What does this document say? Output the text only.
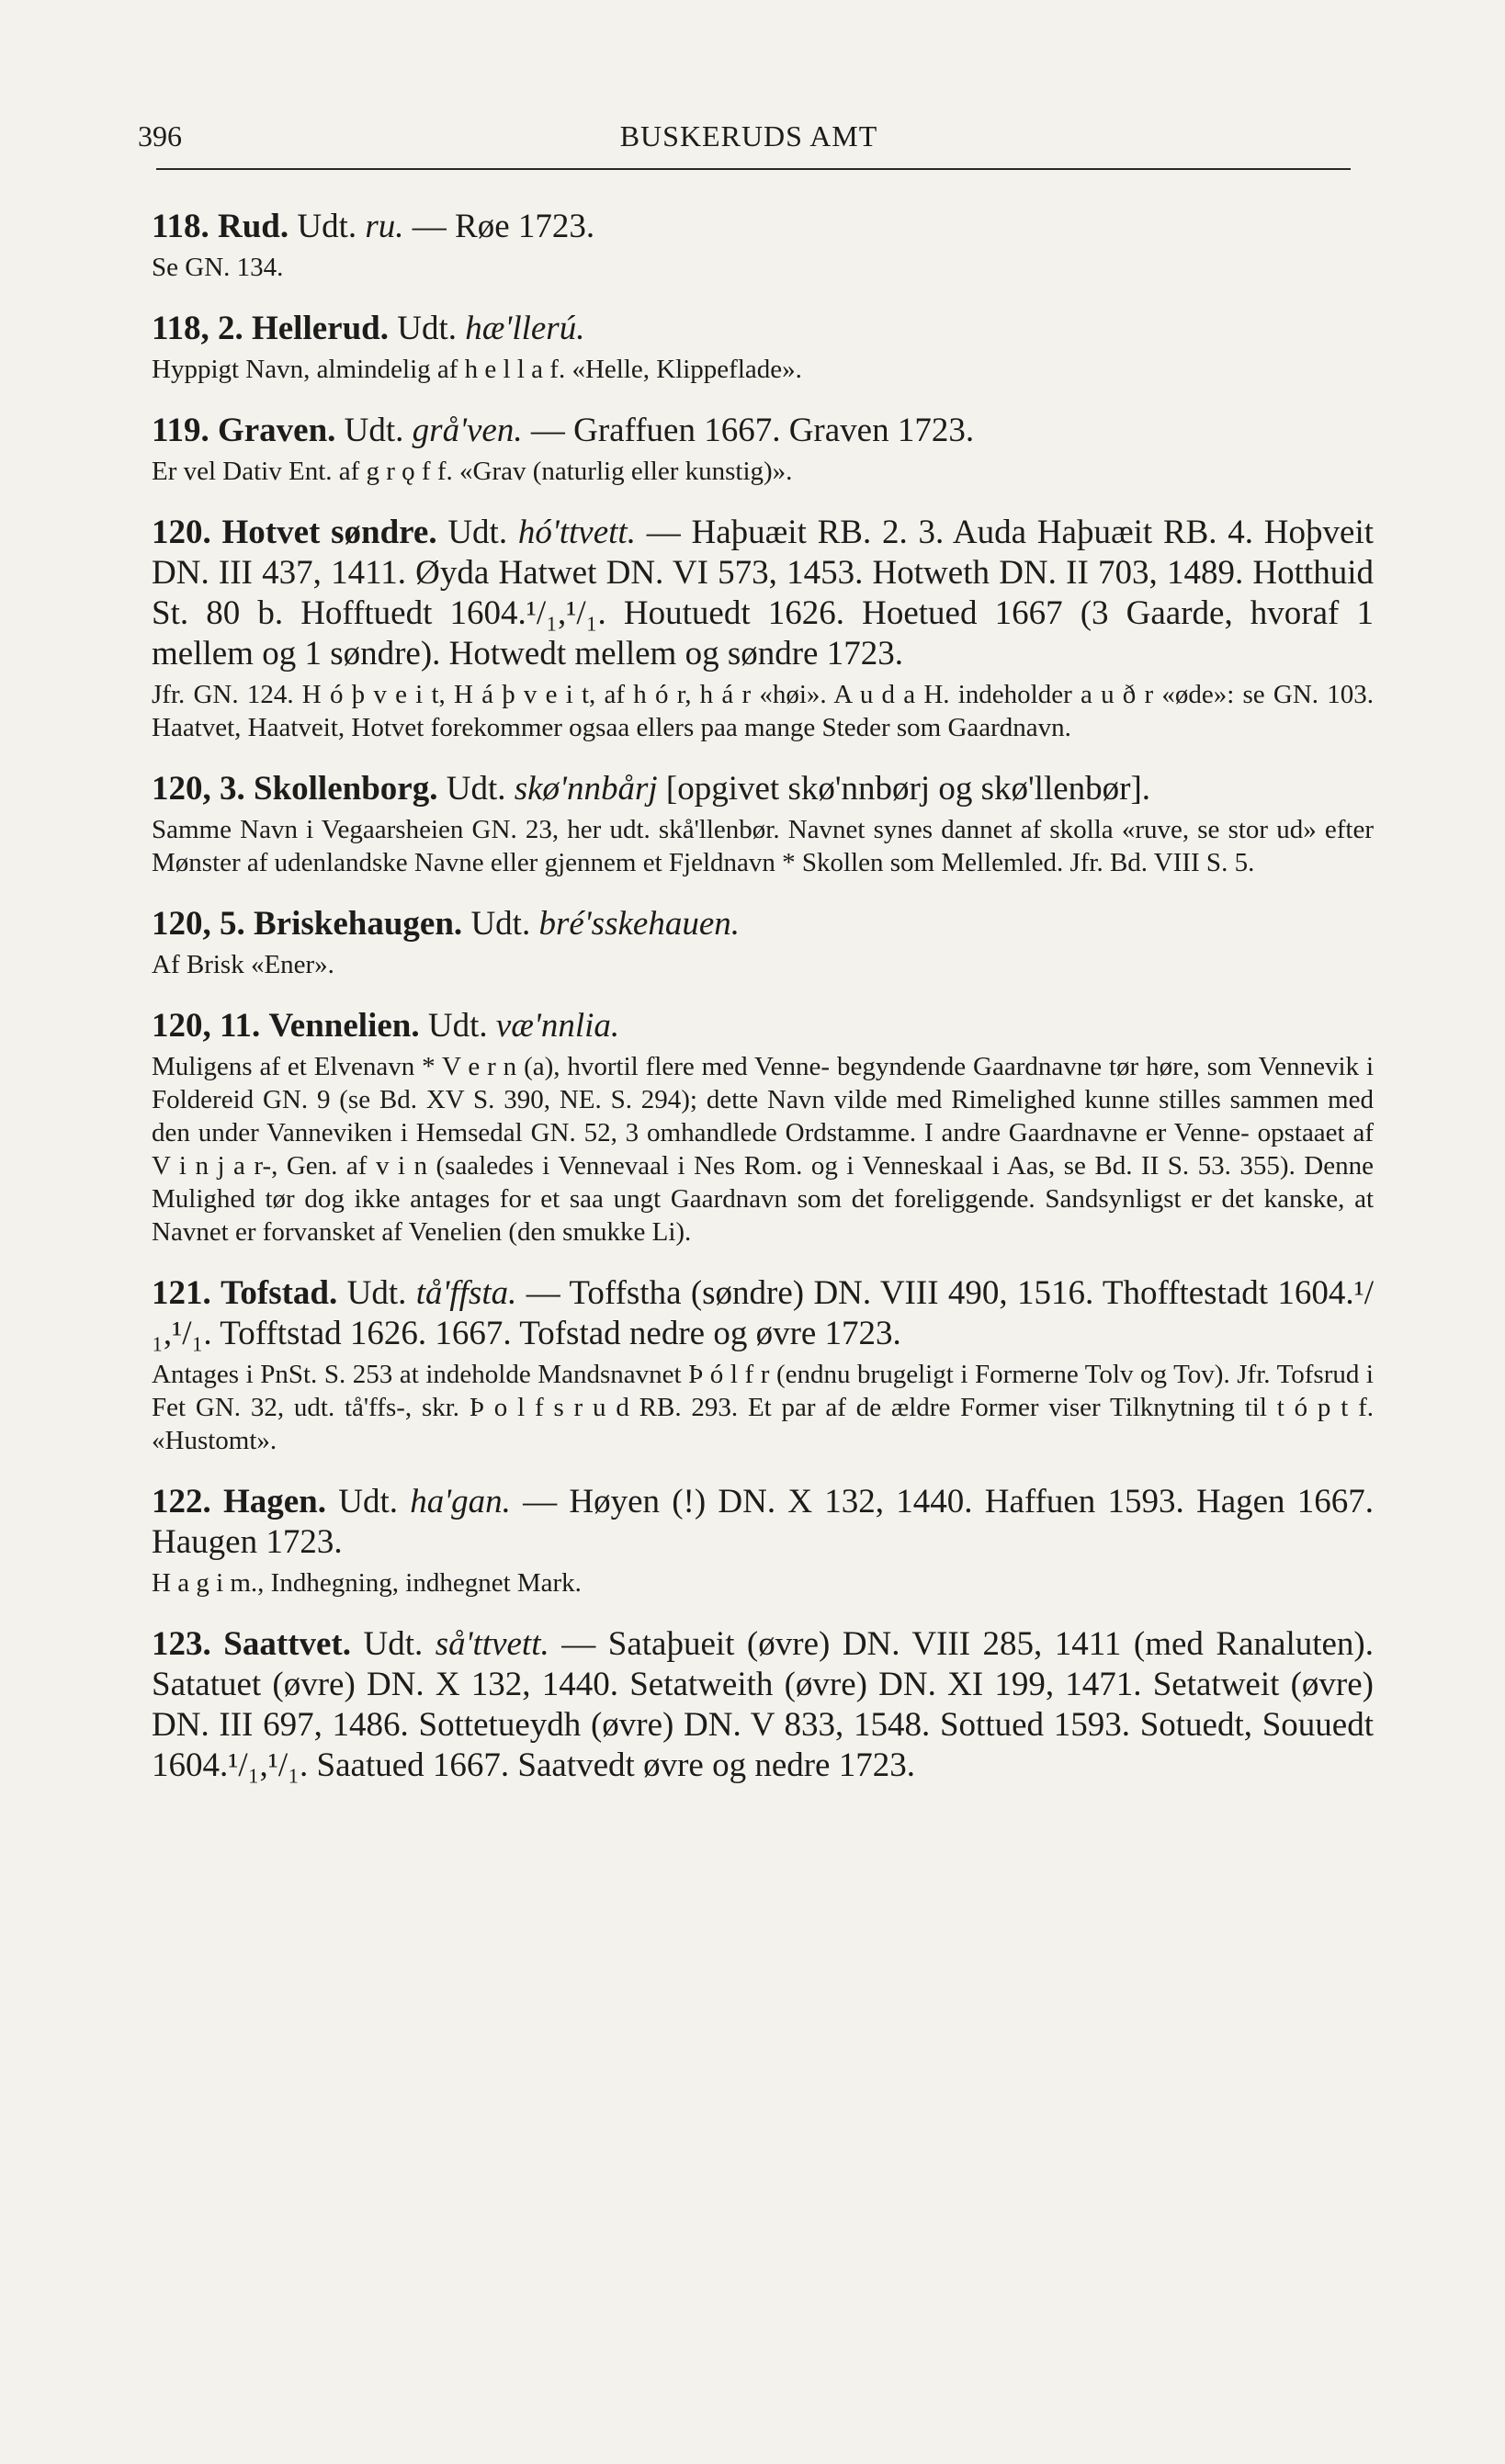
396	BUSKERUDS AMT

118. Rud. Udt. ru. — Røe 1723.

Se GN. 134.

118, 2. Hellerud. Udt. hæ'llerú.

Hyppigt Navn, almindelig af h e l l a f. «Helle, Klippeflade».

119. Graven. Udt. grå'ven. — Graffuen 1667. Graven 1723.

Er vel Dativ Ent. af g r ǫ f f. «Grav (naturlig eller kunstig)».

120. Hotvet søndre. Udt. hó'ttvett. — Haþuæit RB. 2. 3. Auda Haþuæit RB. 4. Hoþveit DN. III 437, 1411. Øyda Hatwet DN. VI 573, 1453. Hotweth DN. II 703, 1489. Hotthuid St. 80 b. Hofftuedt 1604.¹/₁,¹/₁. Houtuedt 1626. Hoetued 1667 (3 Gaarde, hvoraf 1 mellem og 1 søndre). Hotwedt mellem og søndre 1723.

Jfr. GN. 124. H ó þ v e i t, H á þ v e i t, af h ó r, h á r «høi». A u d a H. indeholder a u ð r «øde»: se GN. 103. Haatvet, Haatveit, Hotvet forekommer ogsaa ellers paa mange Steder som Gaardnavn.

120, 3. Skollenborg. Udt. skø'nnbårj [opgivet skø'nnbørj og skø'llenbør].

Samme Navn i Vegaarsheien GN. 23, her udt. skå'llenbør. Navnet synes dannet af skolla «ruve, se stor ud» efter Mønster af udenlandske Navne eller gjennem et Fjeldnavn * Skollen som Mellemled. Jfr. Bd. VIII S. 5.

120, 5. Briskehaugen. Udt. bré'sskehauen.

Af Brisk «Ener».

120, 11. Vennelien. Udt. væ'nnlia.

Muligens af et Elvenavn * V e r n (a), hvortil flere med Venne- begyndende Gaardnavne tør høre, som Vennevik i Foldereid GN. 9 (se Bd. XV S. 390, NE. S. 294); dette Navn vilde med Rimelighed kunne stilles sammen med den under Vanneviken i Hemsedal GN. 52, 3 omhandlede Ordstamme. I andre Gaardnavne er Venne- opstaaet af V i n j a r-, Gen. af v i n (saaledes i Vennevaal i Nes Rom. og i Venneskaal i Aas, se Bd. II S. 53. 355). Denne Mulighed tør dog ikke antages for et saa ungt Gaardnavn som det foreliggende. Sandsynligst er det kanske, at Navnet er forvansket af Venelien (den smukke Li).

121. Tofstad. Udt. tå'ffsta. — Toffstha (søndre) DN. VIII 490, 1516. Thofftestadt 1604.¹/₁,¹/₁. Tofftstad 1626. 1667. Tofstad nedre og øvre 1723.

Antages i PnSt. S. 253 at indeholde Mandsnavnet Þ ó l f r (endnu brugeligt i Formerne Tolv og Tov). Jfr. Tofsrud i Fet GN. 32, udt. tå'ffs-, skr. Þ o l f s r u d RB. 293. Et par af de ældre Former viser Tilknytning til t ó p t f. «Hustomt».

122. Hagen. Udt. ha'gan. — Høyen (!) DN. X 132, 1440. Haffuen 1593. Hagen 1667. Haugen 1723.

H a g i m., Indhegning, indhegnet Mark.

123. Saattvet. Udt. så'ttvett. — Sataþueit (øvre) DN. VIII 285, 1411 (med Ranaluten). Satatuet (øvre) DN. X 132, 1440. Setatweith (øvre) DN. XI 199, 1471. Setatweit (øvre) DN. III 697, 1486. Sottetueydh (øvre) DN. V 833, 1548. Sottued 1593. Sotuedt, Souuedt 1604.¹/₁,¹/₁. Saatued 1667. Saatvedt øvre og nedre 1723.
